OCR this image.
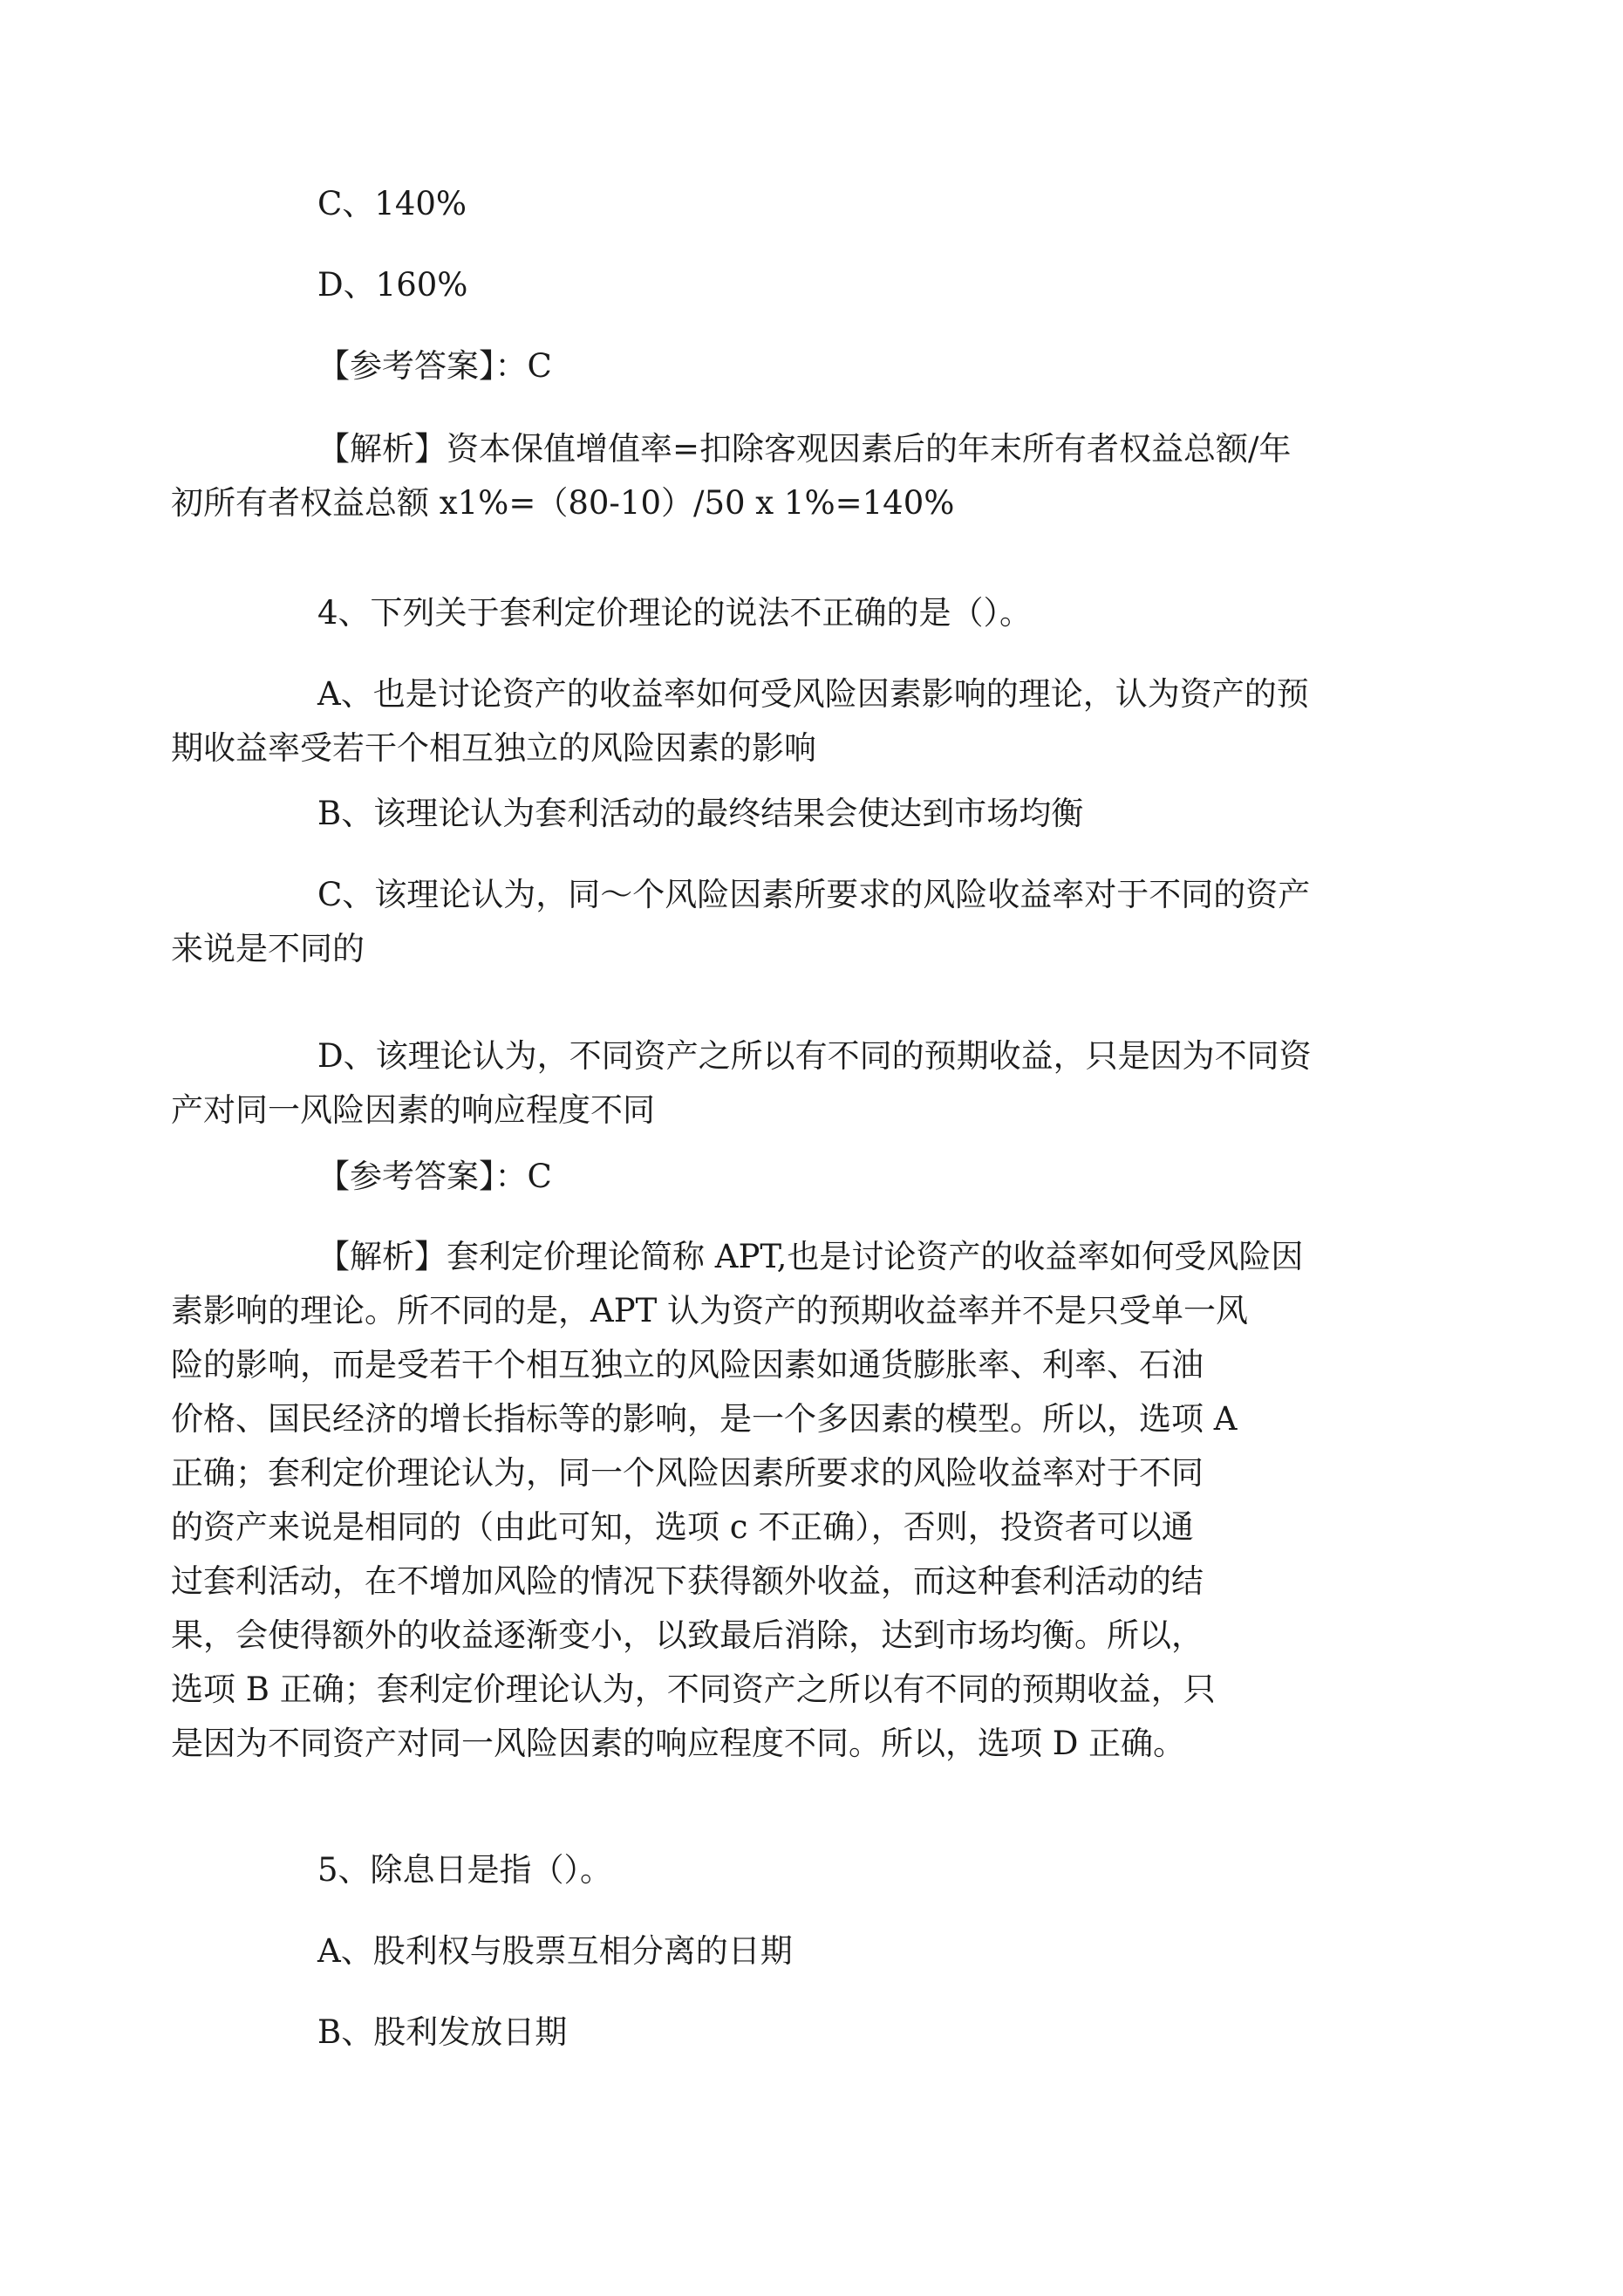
C、140%

D、160%

【参考答案】：C

【解析】资本保值增值率=扣除客观因素后的年末所有者权益总额/年
初所有者权益总额 x1%=（80-10）/50 x 1%=140%

4、下列关于套利定价理论的说法不正确的是（）。

A、也是讨论资产的收益率如何受风险因素影响的理论，认为资产的预
期收益率受若干个相互独立的风险因素的影响

B、该理论认为套利活动的最终结果会使达到市场均衡

C、该理论认为，同〜个风险因素所要求的风险收益率对于不同的资产
来说是不同的
D、该理论认为，不同资产之所以有不同的预期收益，只是因为不同资
产对同一风险因素的响应程度不同

【参考答案】：C

【解析】套利定价理论简称 APT,也是讨论资产的收益率如何受风险因
素影响的理论。所不同的是，APT 认为资产的预期收益率并不是只受单一风
险的影响，而是受若干个相互独立的风险因素如通货膨胀率、利率、石油
价格、国民经济的增长指标等的影响，是一个多因素的模型。所以，选项 A
正确；套利定价理论认为，同一个风险因素所要求的风险收益率对于不同
的资产来说是相同的（由此可知，选项 c 不正确），否则，投资者可以通
过套利活动，在不增加风险的情况下获得额外收益，而这种套利活动的结
果，会使得额外的收益逐渐变小，以致最后消除，达到市场均衡。所以，
选项 B 正确；套利定价理论认为，不同资产之所以有不同的预期收益，只
是因为不同资产对同一风险因素的响应程度不同。所以，选项 D 正确。

5、除息日是指（）。

A、股利权与股票互相分离的日期

B、股利发放日期
